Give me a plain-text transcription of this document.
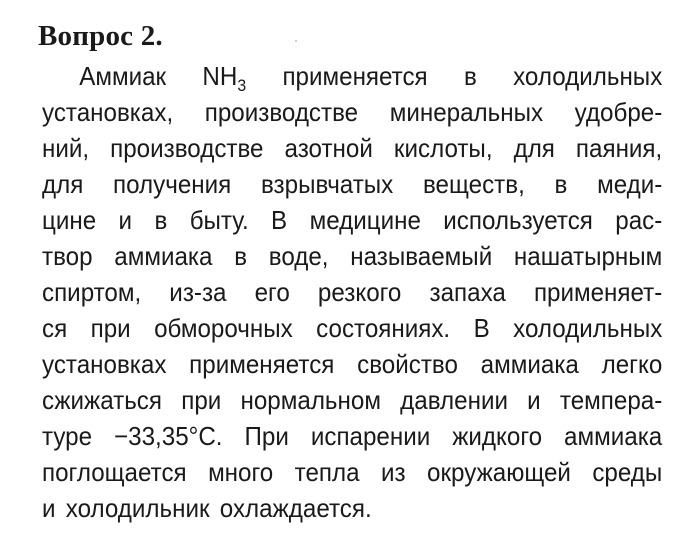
Вопрос 2.
Аммиак $NH_3$ применяется в холодильных
установках, производстве минеральных удобре-
ний, производстве азотной кислоты, для паяния,
для получения взрывчатых веществ, в меди-
цине и в быту. В медицине используется рас-
твор аммиака в воде, называемый нашатырным
спиртом, из-за его резкого запаха применяет-
ся при обморочных состояниях. В холодильных
установках применяется свойство аммиака легко
сжижаться при нормальном давлении и темпера-
туре −33,35°С. При испарении жидкого аммиака
поглощается много тепла из окружающей среды
и холодильник охлаждается.
